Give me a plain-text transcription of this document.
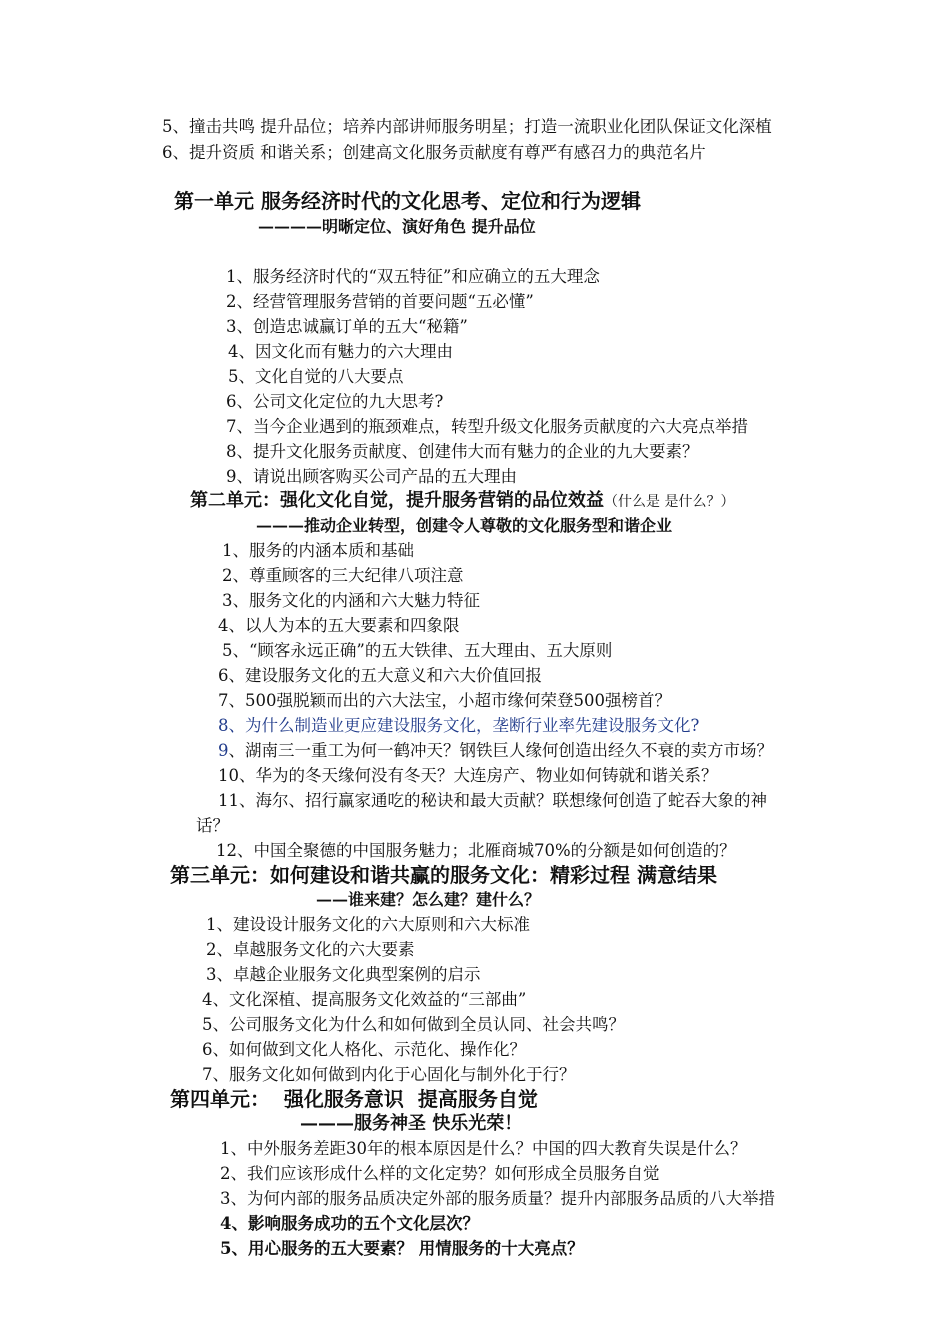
5、撞击共鸣 提升品位；培养内部讲师服务明星；打造一流职业化团队保证文化深植
6、提升资质 和谐关系；创建高文化服务贡献度有尊严有感召力的典范名片
第一单元 服务经济时代的文化思考、定位和行为逻辑
————明晰定位、演好角色 提升品位
1、服务经济时代的“双五特征”和应确立的五大理念
2、经营管理服务营销的首要问题“五必懂”
3、创造忠诚赢订单的五大“秘籍”
4、因文化而有魅力的六大理由
5、文化自觉的八大要点
6、公司文化定位的九大思考?
7、当今企业遇到的瓶颈难点，转型升级文化服务贡献度的六大亮点举措
8、提升文化服务贡献度、创建伟大而有魅力的企业的九大要素？
9、请说出顾客购买公司产品的五大理由
第二单元：强化文化自觉，提升服务营销的品位效益（什么是 是什么？）
———推动企业转型，创建令人尊敬的文化服务型和谐企业
1、服务的内涵本质和基础
2、尊重顾客的三大纪律八项注意
3、服务文化的内涵和六大魅力特征
4、以人为本的五大要素和四象限
5、“顾客永远正确”的五大铁律、五大理由、五大原则
6、建设服务文化的五大意义和六大价值回报
7、500强脱颖而出的六大法宝，小超市缘何荣登500强榜首？
8、为什么制造业更应建设服务文化，垄断行业率先建设服务文化?
9、湖南三一重工为何一鹤冲天？钢铁巨人缘何创造出经久不衰的卖方市场？
10、华为的冬天缘何没有冬天？大连房产、物业如何铸就和谐关系？
11、海尔、招行赢家通吃的秘诀和最大贡献？联想缘何创造了蛇吞大象的神
话？
12、中国全聚德的中国服务魅力；北雁商城70%的分额是如何创造的？
第三单元：如何建设和谐共赢的服务文化：精彩过程 满意结果
——谁来建？怎么建？建什么？
1、建设设计服务文化的六大原则和六大标准
2、卓越服务文化的六大要素
3、卓越企业服务文化典型案例的启示
4、文化深植、提高服务文化效益的“三部曲”
5、公司服务文化为什么和如何做到全员认同、社会共鸣？
6、如何做到文化人格化、示范化、操作化？
7、服务文化如何做到内化于心固化与制外化于行？
第四单元：  强化服务意识  提高服务自觉
———服务神圣 快乐光荣！
1、中外服务差距30年的根本原因是什么？中国的四大教育失误是什么？
2、我们应该形成什么样的文化定势？如何形成全员服务自觉
3、为何内部的服务品质决定外部的服务质量？提升内部服务品质的八大举措
4、影响服务成功的五个文化层次？
5、用心服务的五大要素？ 用情服务的十大亮点？
